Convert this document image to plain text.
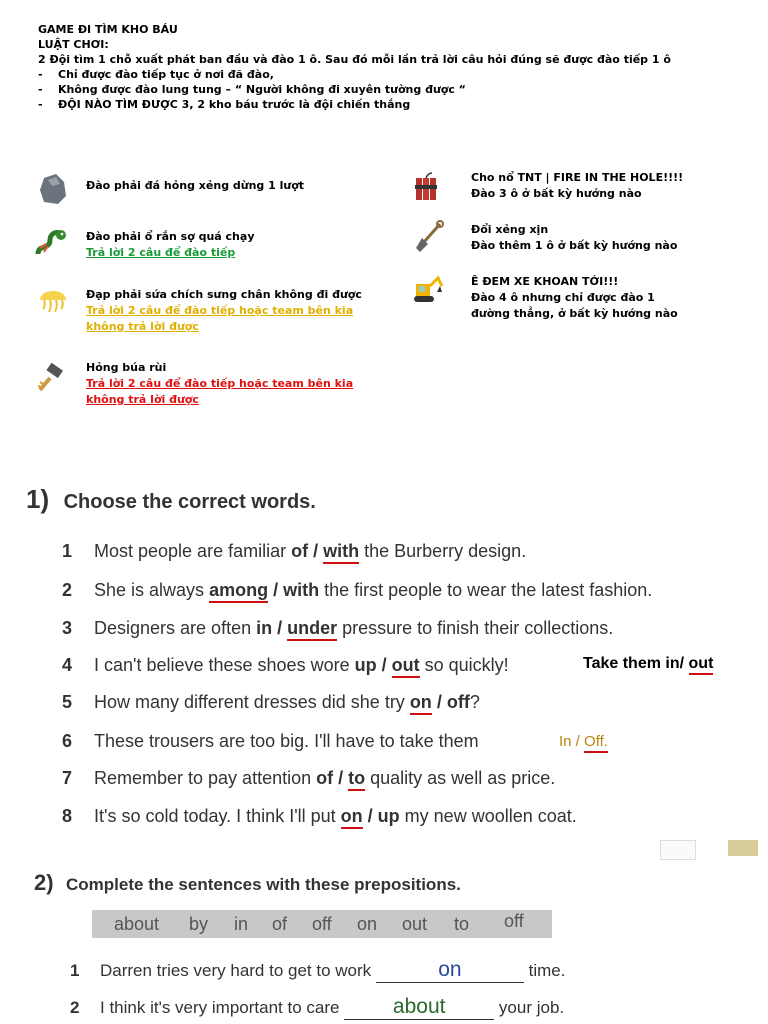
GAME ĐI TÌM KHO BÁU
LUẬT CHƠI:
2 Đội tìm 1 chỗ xuất phát ban đầu và đào 1 ô. Sau đó mỗi lần trả lời câu hỏi đúng sẽ được đào tiếp 1 ô
- Chỉ được đào tiếp tục ở nơi đã đào,
- Không được đào lung tung – “ Người không đi xuyên tường được “
- ĐỘI NÀO TÌM ĐƯỢC 3, 2 kho báu trước là đội chiến thắng
Đào phải đá hỏng xẻng dừng 1 lượt
Đào phải ổ rắn sợ quá chạy
Trả lời 2 câu để đào tiếp
Đạp phải sứa chích sưng chân không đi được
Trả lời 2 câu để đào tiếp hoặc team bên kia
không trả lời được
Hỏng búa rùi
Trả lời 2 câu để đào tiếp hoặc team bên kia
không trả lời được
Cho nổ TNT | FIRE IN THE HOLE!!!!
Đào 3 ô ở bất kỳ hướng nào
Đổi xẻng xịn
Đào thêm 1 ô ở bất kỳ hướng nào
Ê ĐEM XE KHOAN TỚI!!!
Đào 4 ô nhưng chỉ được đào 1
đường thẳng, ở bất kỳ hướng nào
1) Choose the correct words.
1 Most people are familiar of / with the Burberry design.
2 She is always among / with the first people to wear the latest fashion.
3 Designers are often in / under pressure to finish their collections.
4 I can't believe these shoes wore up / out so quickly!	Take them in/ out
5 How many different dresses did she try on / off?
6 These trousers are too big. I'll have to take them	In / Off.
7 Remember to pay attention of / to quality as well as price.
8 It's so cold today. I think I'll put on / up my new woollen coat.
2) Complete the sentences with these prepositions.
about by in of off on out to off
1 Darren tries very hard to get to work	on	time.
2 I think it's very important to care	about	your job.
